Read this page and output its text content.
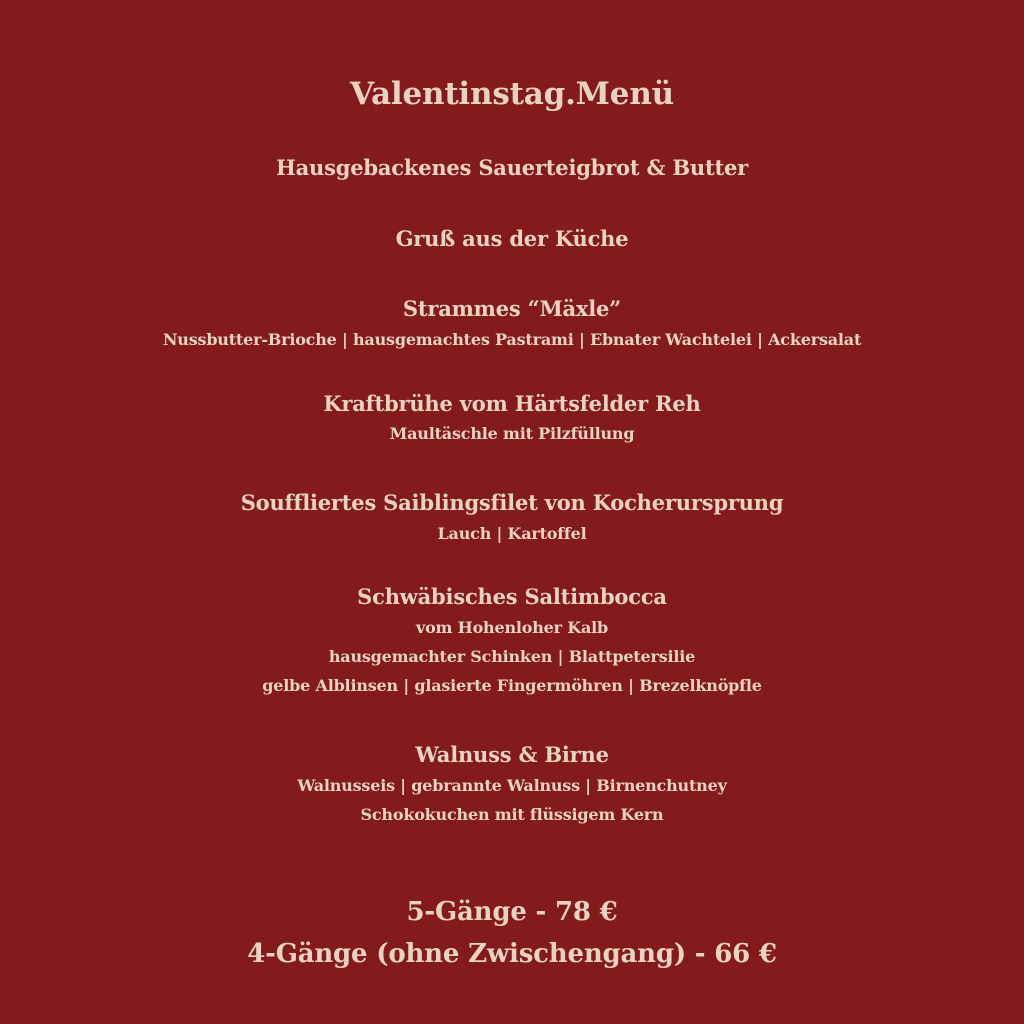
Valentinstag.Menü
Hausgebackenes Sauerteigbrot & Butter
Gruß aus der Küche
Strammes “Mäxle”
Nussbutter-Brioche | hausgemachtes Pastrami | Ebnater Wachtelei | Ackersalat
Kraftbrühe vom Härtsfelder Reh
Maultäschle mit Pilzfüllung
Souffliertes Saiblingsfilet von Kocherursprung
Lauch | Kartoffel
Schwäbisches Saltimbocca
vom Hohenloher Kalb
hausgemachter Schinken | Blattpetersilie
gelbe Alblinsen | glasierte Fingermöhren | Brezelknöpfle
Walnuss & Birne
Walnusseis | gebrannte Walnuss | Birnenchutney
Schokokuchen mit flüssigem Kern
5-Gänge - 78 €
4-Gänge (ohne Zwischengang) - 66 €
